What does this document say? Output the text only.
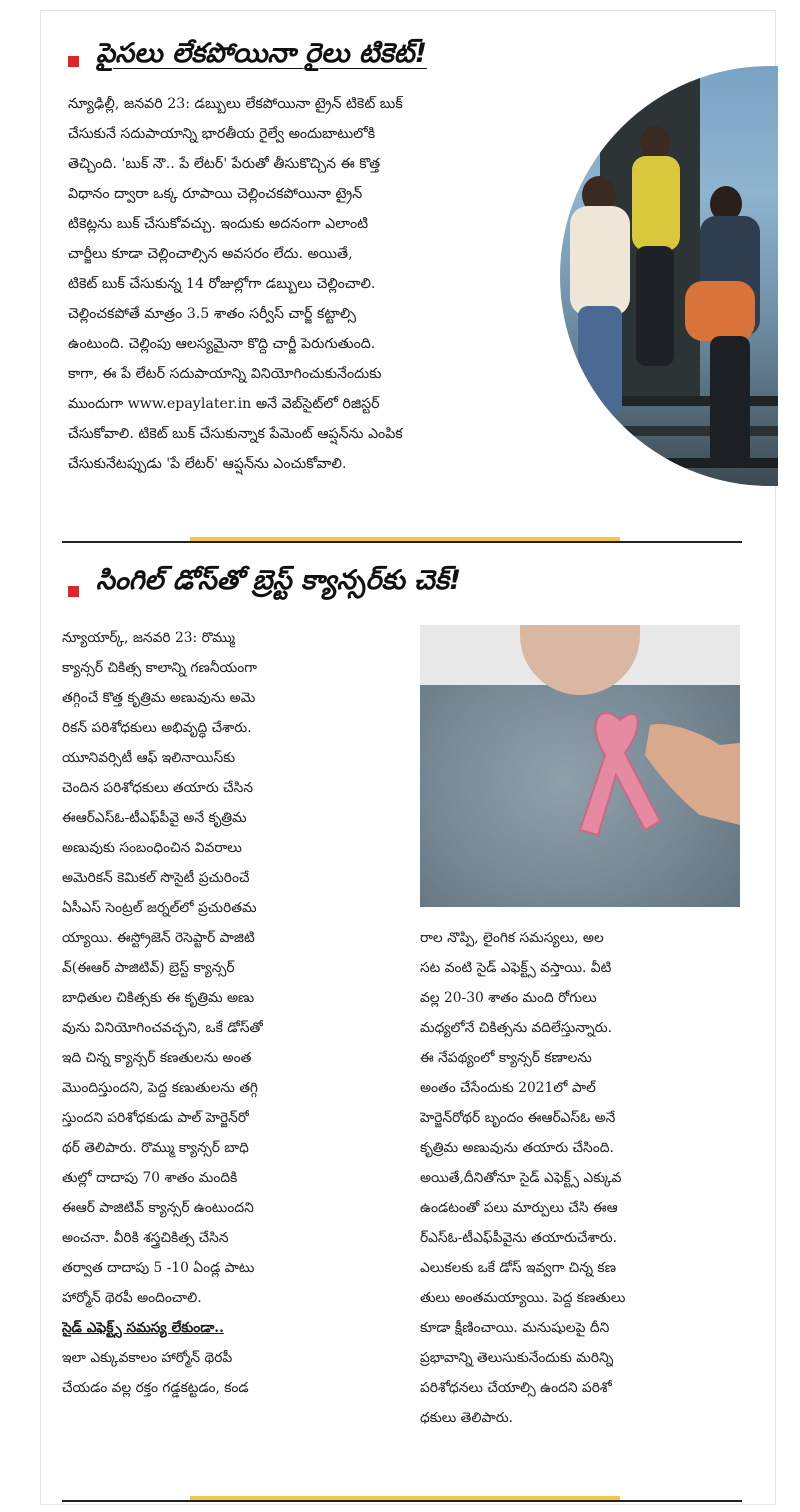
పైసలు లేకపోయినా రైలు టికెట్!
న్యూఢిల్లీ, జనవరి 23: డబ్బులు లేకపోయినా ట్రైన్ టికెట్ బుక్
చేసుకునే సదుపాయాన్ని భారతీయ రైల్వే అందుబాటులోకి
తెచ్చింది. 'బుక్ నౌ.. పే లేటర్' పేరుతో తీసుకొచ్చిన ఈ కొత్త
విధానం ద్వారా ఒక్క రూపాయి చెల్లించకపోయినా ట్రైన్
టికెట్లను బుక్ చేసుకోవచ్చు. ఇందుకు అదనంగా ఎలాంటి
చార్జీలు కూడా చెల్లించాల్సిన అవసరం లేదు. అయితే,
టికెట్ బుక్ చేసుకున్న 14 రోజుల్లోగా డబ్బులు చెల్లించాలి.
చెల్లించకపోతే మాత్రం 3.5 శాతం సర్వీస్ చార్జ్ కట్టాల్సి
ఉంటుంది. చెల్లింపు ఆలస్యమైనా కొద్ది చార్జీ పెరుగుతుంది.
కాగా, ఈ పే లేటర్ సదుపాయాన్ని వినియోగించుకునేందుకు
ముందుగా www.epaylater.in అనే వెబ్‌సైట్‌లో రిజిస్టర్
చేసుకోవాలి. టికెట్ బుక్ చేసుకున్నాక పేమెంట్ ఆప్షన్‌ను ఎంపిక
చేసుకునేటప్పుడు 'పే లేటర్' ఆప్షన్‌ను ఎంచుకోవాలి.
సింగిల్ డోస్‌తో బ్రెస్ట్ క్యాన్సర్‌కు చెక్!
న్యూయార్క్, జనవరి 23: రొమ్ము
క్యాన్సర్ చికిత్స కాలాన్ని గణనీయంగా
తగ్గించే కొత్త కృత్రిమ అణువును అమె
రికన్ పరిశోధకులు అభివృద్ధి చేశారు.
యూనివర్సిటీ ఆఫ్ ఇలినాయిస్‌కు
చెందిన పరిశోధకులు తయారు చేసిన
ఈఆర్ఎస్ఓ-టీఎఫ్‌పీవై అనే కృత్రిమ
అణువుకు సంబంధించిన వివరాలు
అమెరికన్ కెమికల్ సొసైటీ ప్రచురించే
ఏసీఎస్ సెంట్రల్ జర్నల్‌లో ప్రచురితమ
య్యాయి. ఈస్ట్రోజెన్ రెసెప్టార్ పాజిటి
వ్(ఈఆర్ పాజిటివ్) బ్రెస్ట్ క్యాన్సర్
బాధితుల చికిత్సకు ఈ కృత్రిమ అణు
వును వినియోగించవచ్చని, ఒకే డోస్‌తో
ఇది చిన్న క్యాన్సర్ కణతులను అంత
మొందిస్తుందని, పెద్ద కణుతులను తగ్గి
స్తుందని పరిశోధకుడు పాల్ హెర్జెన్‌రో
థర్ తెలిపారు. రొమ్ము క్యాన్సర్ బాధి
తుల్లో దాదాపు 70 శాతం మందికి
ఈఆర్ పాజిటివ్ క్యాన్సర్ ఉంటుందని
అంచనా. వీరికి శస్త్రచికిత్స చేసిన
తర్వాత దాదాపు 5 -10 ఏండ్ల పాటు
హార్మోన్ థెరపీ అందించాలి.
సైడ్ ఎఫెక్ట్స్ సమస్య లేకుండా..
ఇలా ఎక్కువకాలం హార్మోన్ థెరపీ
చేయడం వల్ల రక్తం గడ్డకట్టడం, కండ
రాల నొప్పి, లైంగిక సమస్యలు, అల
సట వంటి సైడ్ ఎఫెక్ట్స్ వస్తాయి. వీటి
వల్ల 20-30 శాతం మంది రోగులు
మధ్యలోనే చికిత్సను వదిలేస్తున్నారు.
ఈ నేపథ్యంలో క్యాన్సర్ కణాలను
అంతం చేసేందుకు 2021లో పాల్
హెర్జెన్‌రోథర్ బృందం ఈఆర్ఎస్ఓ అనే
కృత్రిమ అణువును తయారు చేసింది.
అయితే,దీనితోనూ సైడ్ ఎఫెక్ట్స్ ఎక్కువ
ఉండటంతో పలు మార్పులు చేసి ఈఆ
ర్ఎస్ఓ-టీఎఫ్‌పీవైను తయారుచేశారు.
ఎలుకలకు ఒకే డోస్ ఇవ్వగా చిన్న కణ
తులు అంతమయ్యాయి. పెద్ద కణతులు
కూడా క్షీణించాయి. మనుషులపై దీని
ప్రభావాన్ని తెలుసుకునేందుకు మరిన్ని
పరిశోధనలు చేయాల్సి ఉందని పరిశో
ధకులు తెలిపారు.
